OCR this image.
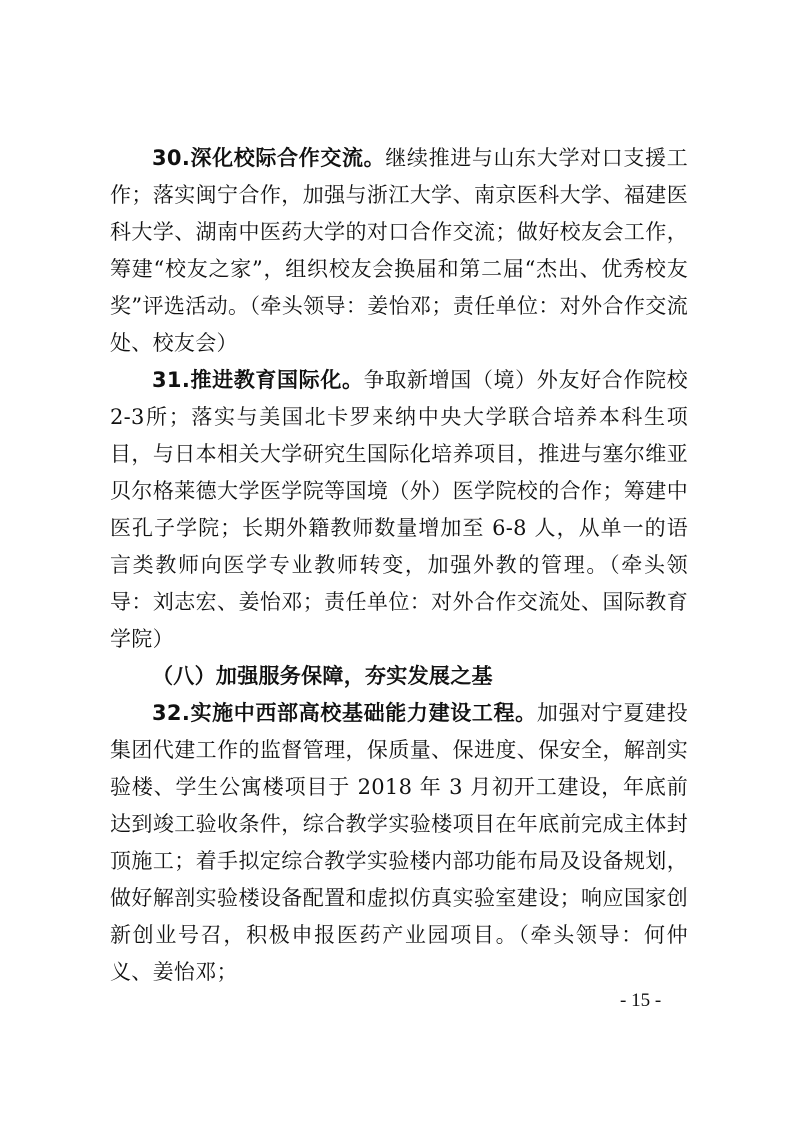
30.深化校际合作交流。继续推进与山东大学对口支援工作；落实闽宁合作，加强与浙江大学、南京医科大学、福建医科大学、湖南中医药大学的对口合作交流；做好校友会工作，筹建“校友之家”，组织校友会换届和第二届“杰出、优秀校友奖”评选活动。（牵头领导：姜怡邓；责任单位：对外合作交流处、校友会）

31.推进教育国际化。争取新增国（境）外友好合作院校2-3所；落实与美国北卡罗来纳中央大学联合培养本科生项目，与日本相关大学研究生国际化培养项目，推进与塞尔维亚贝尔格莱德大学医学院等国境（外）医学院校的合作；筹建中医孔子学院；长期外籍教师数量增加至 6-8 人，从单一的语言类教师向医学专业教师转变，加强外教的管理。（牵头领导：刘志宏、姜怡邓；责任单位：对外合作交流处、国际教育学院）

（八）加强服务保障，夯实发展之基

32.实施中西部高校基础能力建设工程。加强对宁夏建投集团代建工作的监督管理，保质量、保进度、保安全，解剖实验楼、学生公寓楼项目于 2018 年 3 月初开工建设，年底前达到竣工验收条件，综合教学实验楼项目在年底前完成主体封顶施工；着手拟定综合教学实验楼内部功能布局及设备规划，做好解剖实验楼设备配置和虚拟仿真实验室建设；响应国家创新创业号召，积极申报医药产业园项目。（牵头领导：何仲义、姜怡邓；

- 15 -
